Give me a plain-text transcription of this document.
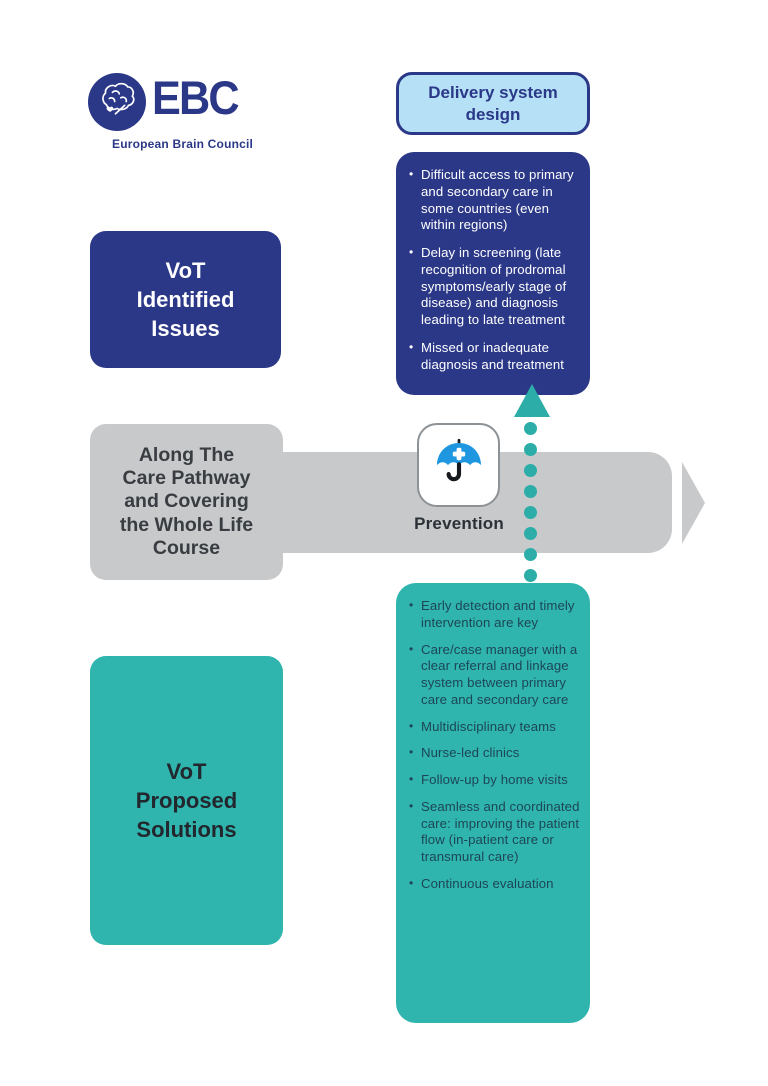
EBC
European Brain Council
Delivery system design
VoT
Identified
Issues
• Difficult access to primary and secondary care in some countries (even within regions)
• Delay in screening (late recognition of prodromal symptoms/early stage of disease) and diagnosis leading to late treatment
• Missed or inadequate diagnosis and treatment
Along The
Care Pathway
and Covering
the Whole Life
Course
Prevention
• Early detection and timely intervention are key
• Care/case manager with a clear referral and linkage system between primary care and secondary care
• Multidisciplinary teams
• Nurse-led clinics
• Follow-up by home visits
• Seamless and coordinated care: improving the patient flow (in-patient care or transmural care)
• Continuous evaluation
VoT
Proposed
Solutions
